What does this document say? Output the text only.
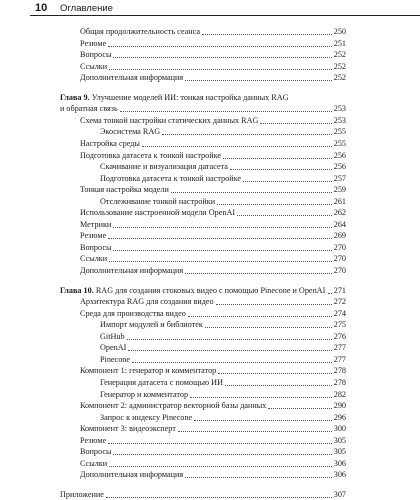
10 Оглавление
Общая продолжительность сеанса	250
Резюме	251
Вопросы	252
Ссылки	252
Дополнительная информация	252
Глава 9. Улучшение моделей ИИ: тонкая настройка данных RAG
и обратная связь	253
Схема тонкой настройки статических данных RAG	253
Экосистема RAG	255
Настройка среды	255
Подготовка датасета к тонкой настройке	256
Скачивание и визуализация датасета	256
Подготовка датасета к тонкой настройке	257
Тонкая настройка модели	259
Отслеживание тонкой настройки	261
Использование настроенной модели OpenAI	262
Метрики	264
Резюме	269
Вопросы	270
Ссылки	270
Дополнительная информация	270
Глава 10. RAG для создания стоковых видео с помощью Pinecone и OpenAI 271
Архитектура RAG для создания видео	272
Среда для производства видео	274
Импорт модулей и библиотек	275
GitHub	276
OpenAI	277
Pinecone	277
Компонент 1: генератор и комментатор	278
Генерация датасета с помощью ИИ	278
Генератор и комментатор	282
Компонент 2: администратор векторной базы данных	290
Запрос к индексу Pinecone	296
Компонент 3: видеоэксперт	300
Резюме	305
Вопросы	305
Ссылки	306
Дополнительная информация	306
Приложение	307
